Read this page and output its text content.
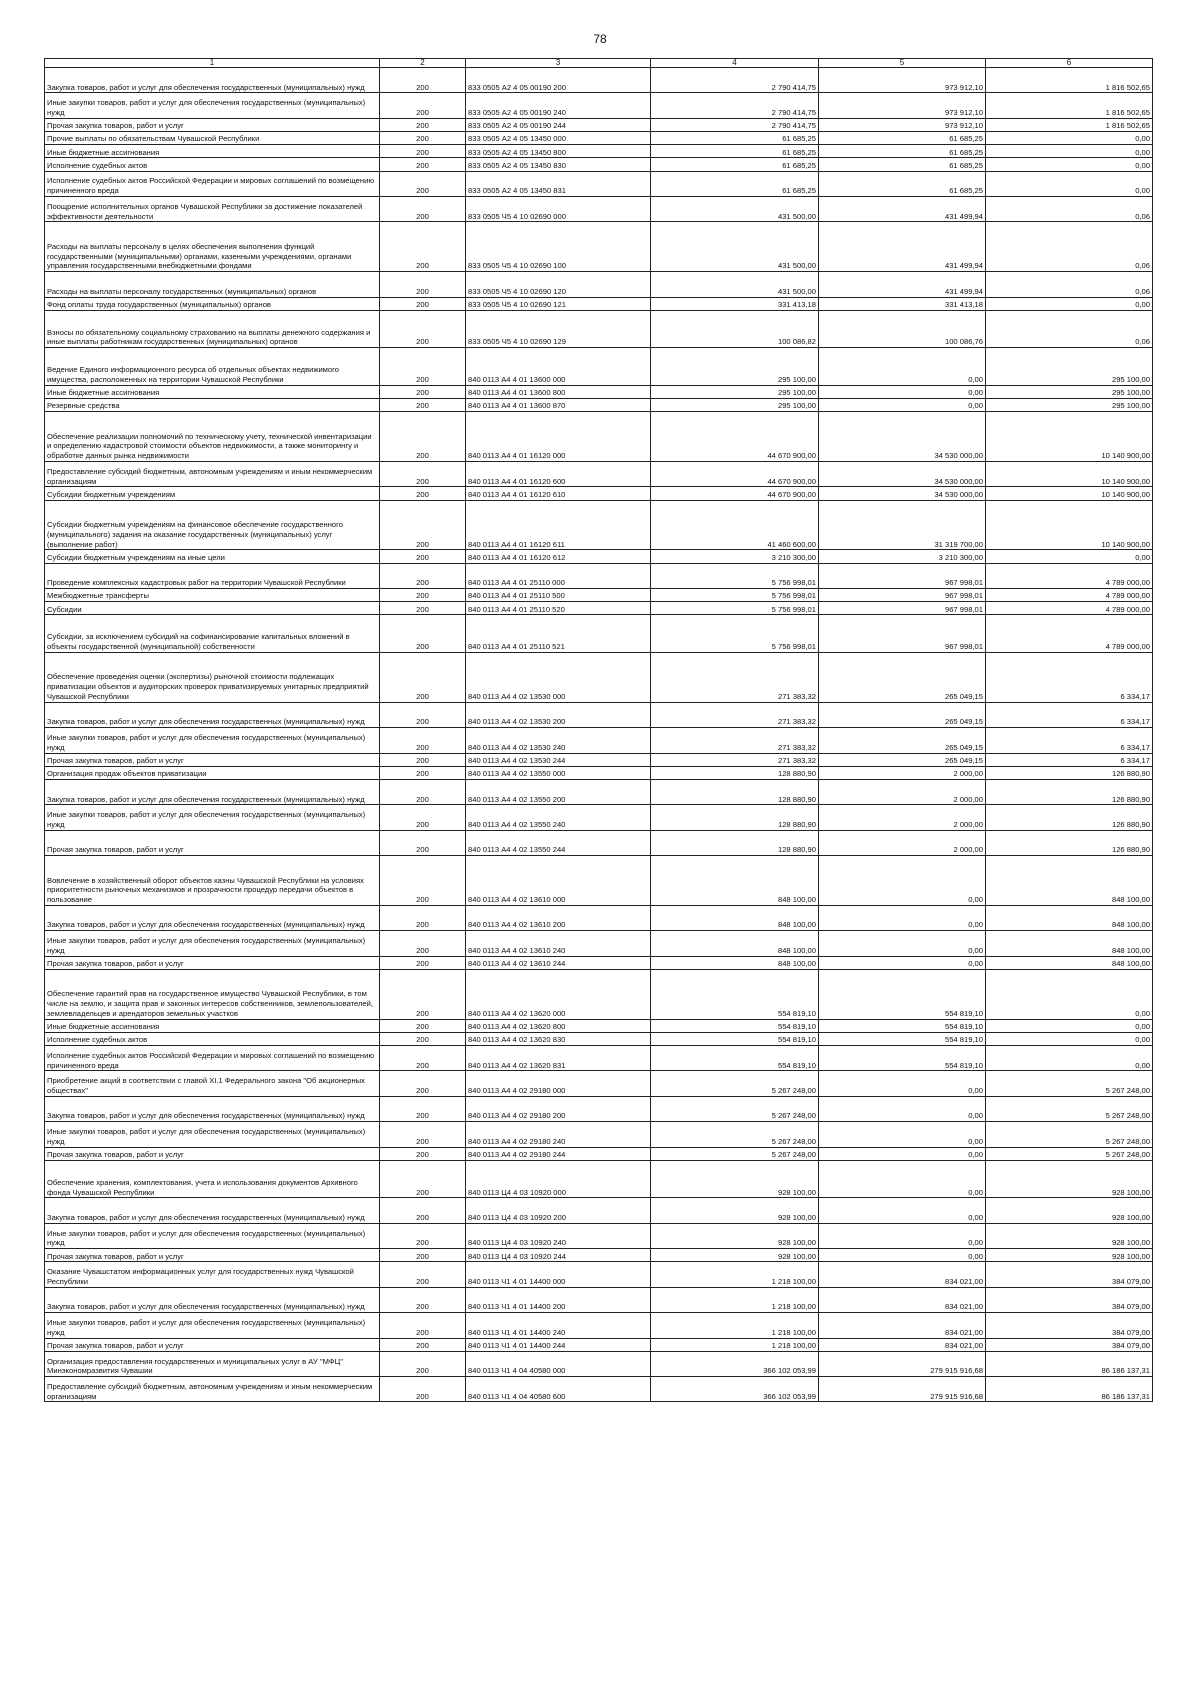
78
1	2	3	4	5	6
Закупка товаров, работ и услуг для обеспечения государственных (муниципальных) нужд	200	833 0505 А2 4 05 00190 200	2 790 414,75	973 912,10	1 816 502,65
Иные закупки товаров, работ и услуг для обеспечения государственных (муниципальных) нужд	200	833 0505 А2 4 05 00190 240	2 790 414,75	973 912,10	1 816 502,65
Прочая закупка товаров, работ и услуг	200	833 0505 А2 4 05 00190 244	2 790 414,75	973 912,10	1 816 502,65
Прочие выплаты по обязательствам Чувашской Республики	200	833 0505 А2 4 05 13450 000	61 685,25	61 685,25	0,00
Иные бюджетные ассигнования	200	833 0505 А2 4 05 13450 800	61 685,25	61 685,25	0,00
Исполнение судебных актов	200	833 0505 А2 4 05 13450 830	61 685,25	61 685,25	0,00
Исполнение судебных актов Российской Федерации и мировых соглашений по возмещению причиненного вреда	200	833 0505 А2 4 05 13450 831	61 685,25	61 685,25	0,00
Поощрение исполнительных органов Чувашской Республики за достижение показателей эффективности деятельности	200	833 0505 Ч5 4 10 02690 000	431 500,00	431 499,94	0,06
Расходы на выплаты персоналу в целях обеспечения выполнения функций государственными (муниципальными) органами, казенными учреждениями, органами управления государственными внебюджетными фондами	200	833 0505 Ч5 4 10 02690 100	431 500,00	431 499,94	0,06
Расходы на выплаты персоналу государственных (муниципальных) органов	200	833 0505 Ч5 4 10 02690 120	431 500,00	431 499,94	0,06
Фонд оплаты труда государственных (муниципальных) органов	200	833 0505 Ч5 4 10 02690 121	331 413,18	331 413,18	0,00
Взносы по обязательному социальному страхованию на выплаты денежного содержания и иные выплаты работникам государственных (муниципальных) органов	200	833 0505 Ч5 4 10 02690 129	100 086,82	100 086,76	0,06
Ведение Единого информационного ресурса об отдельных объектах недвижимого имущества, расположенных на территории Чувашской Республики	200	840 0113 А4 4 01 13600 000	295 100,00	0,00	295 100,00
Иные бюджетные ассигнования	200	840 0113 А4 4 01 13600 800	295 100,00	0,00	295 100,00
Резервные средства	200	840 0113 А4 4 01 13600 870	295 100,00	0,00	295 100,00
Обеспечение реализации полномочий по техническому учету, технической инвентаризации и определению кадастровой стоимости объектов недвижимости, а также мониторингу и обработке данных рынка недвижимости	200	840 0113 А4 4 01 16120 000	44 670 900,00	34 530 000,00	10 140 900,00
Предоставление субсидий бюджетным, автономным учреждениям и иным некоммерческим организациям	200	840 0113 А4 4 01 16120 600	44 670 900,00	34 530 000,00	10 140 900,00
Субсидии бюджетным учреждениям	200	840 0113 А4 4 01 16120 610	44 670 900,00	34 530 000,00	10 140 900,00
Субсидии бюджетным учреждениям на финансовое обеспечение государственного (муниципального) задания на оказание государственных (муниципальных) услуг (выполнение работ)	200	840 0113 А4 4 01 16120 611	41 460 600,00	31 319 700,00	10 140 900,00
Субсидии бюджетным учреждениям на иные цели	200	840 0113 А4 4 01 16120 612	3 210 300,00	3 210 300,00	0,00
Проведение комплексных кадастровых работ на территории Чувашской Республики	200	840 0113 А4 4 01 25110 000	5 756 998,01	967 998,01	4 789 000,00
Межбюджетные трансферты	200	840 0113 А4 4 01 25110 500	5 756 998,01	967 998,01	4 789 000,00
Субсидии	200	840 0113 А4 4 01 25110 520	5 756 998,01	967 998,01	4 789 000,00
Субсидии, за исключением субсидий на софинансирование капитальных вложений в объекты государственной (муниципальной) собственности	200	840 0113 А4 4 01 25110 521	5 756 998,01	967 998,01	4 789 000,00
Обеспечение проведения оценки (экспертизы) рыночной стоимости подлежащих приватизации объектов и аудиторских проверок приватизируемых унитарных предприятий Чувашской Республики	200	840 0113 А4 4 02 13530 000	271 383,32	265 049,15	6 334,17
Закупка товаров, работ и услуг для обеспечения государственных (муниципальных) нужд	200	840 0113 А4 4 02 13530 200	271 383,32	265 049,15	6 334,17
Иные закупки товаров, работ и услуг для обеспечения государственных (муниципальных) нужд	200	840 0113 А4 4 02 13530 240	271 383,32	265 049,15	6 334,17
Прочая закупка товаров, работ и услуг	200	840 0113 А4 4 02 13530 244	271 383,32	265 049,15	6 334,17
Организация продаж объектов приватизации	200	840 0113 А4 4 02 13550 000	128 880,90	2 000,00	126 880,90
Закупка товаров, работ и услуг для обеспечения государственных (муниципальных) нужд	200	840 0113 А4 4 02 13550 200	128 880,90	2 000,00	126 880,90
Иные закупки товаров, работ и услуг для обеспечения государственных (муниципальных) нужд	200	840 0113 А4 4 02 13550 240	128 880,90	2 000,00	126 880,90
Прочая закупка товаров, работ и услуг	200	840 0113 А4 4 02 13550 244	128 880,90	2 000,00	126 880,90
Вовлечение в хозяйственный оборот объектов казны Чувашской Республики на условиях приоритетности рыночных механизмов и прозрачности процедур передачи объектов в пользование	200	840 0113 А4 4 02 13610 000	848 100,00	0,00	848 100,00
Закупка товаров, работ и услуг для обеспечения государственных (муниципальных) нужд	200	840 0113 А4 4 02 13610 200	848 100,00	0,00	848 100,00
Иные закупки товаров, работ и услуг для обеспечения государственных (муниципальных) нужд	200	840 0113 А4 4 02 13610 240	848 100,00	0,00	848 100,00
Прочая закупка товаров, работ и услуг	200	840 0113 А4 4 02 13610 244	848 100,00	0,00	848 100,00
Обеспечение гарантий прав на государственное имущество Чувашской Республики, в том числе на землю, и защита прав и законных интересов собственников, землепользователей, землевладельцев и арендаторов земельных участков	200	840 0113 А4 4 02 13620 000	554 819,10	554 819,10	0,00
Иные бюджетные ассигнования	200	840 0113 А4 4 02 13620 800	554 819,10	554 819,10	0,00
Исполнение судебных актов	200	840 0113 А4 4 02 13620 830	554 819,10	554 819,10	0,00
Исполнение судебных актов Российской Федерации и мировых соглашений по возмещению причиненного вреда	200	840 0113 А4 4 02 13620 831	554 819,10	554 819,10	0,00
Приобретение акций в соответствии с главой XI.1 Федерального закона "Об акционерных обществах"	200	840 0113 А4 4 02 29180 000	5 267 248,00	0,00	5 267 248,00
Закупка товаров, работ и услуг для обеспечения государственных (муниципальных) нужд	200	840 0113 А4 4 02 29180 200	5 267 248,00	0,00	5 267 248,00
Иные закупки товаров, работ и услуг для обеспечения государственных (муниципальных) нужд	200	840 0113 А4 4 02 29180 240	5 267 248,00	0,00	5 267 248,00
Прочая закупка товаров, работ и услуг	200	840 0113 А4 4 02 29180 244	5 267 248,00	0,00	5 267 248,00
Обеспечение хранения, комплектования, учета и использования документов Архивного фонда Чувашской Республики	200	840 0113 Ц4 4 03 10920 000	928 100,00	0,00	928 100,00
Закупка товаров, работ и услуг для обеспечения государственных (муниципальных) нужд	200	840 0113 Ц4 4 03 10920 200	928 100,00	0,00	928 100,00
Иные закупки товаров, работ и услуг для обеспечения государственных (муниципальных) нужд	200	840 0113 Ц4 4 03 10920 240	928 100,00	0,00	928 100,00
Прочая закупка товаров, работ и услуг	200	840 0113 Ц4 4 03 10920 244	928 100,00	0,00	928 100,00
Оказание Чувашстатом информационных услуг для государственных нужд Чувашской Республики	200	840 0113 Ч1 4 01 14400 000	1 218 100,00	834 021,00	384 079,00
Закупка товаров, работ и услуг для обеспечения государственных (муниципальных) нужд	200	840 0113 Ч1 4 01 14400 200	1 218 100,00	834 021,00	384 079,00
Иные закупки товаров, работ и услуг для обеспечения государственных (муниципальных) нужд	200	840 0113 Ч1 4 01 14400 240	1 218 100,00	834 021,00	384 079,00
Прочая закупка товаров, работ и услуг	200	840 0113 Ч1 4 01 14400 244	1 218 100,00	834 021,00	384 079,00
Организация предоставления государственных и муниципальных услуг в АУ "МФЦ" Минэкономразвития Чувашии	200	840 0113 Ч1 4 04 40580 000	366 102 053,99	279 915 916,68	86 186 137,31
Предоставление субсидий бюджетным, автономным учреждениям и иным некоммерческим организациям	200	840 0113 Ч1 4 04 40580 600	366 102 053,99	279 915 916,68	86 186 137,31
